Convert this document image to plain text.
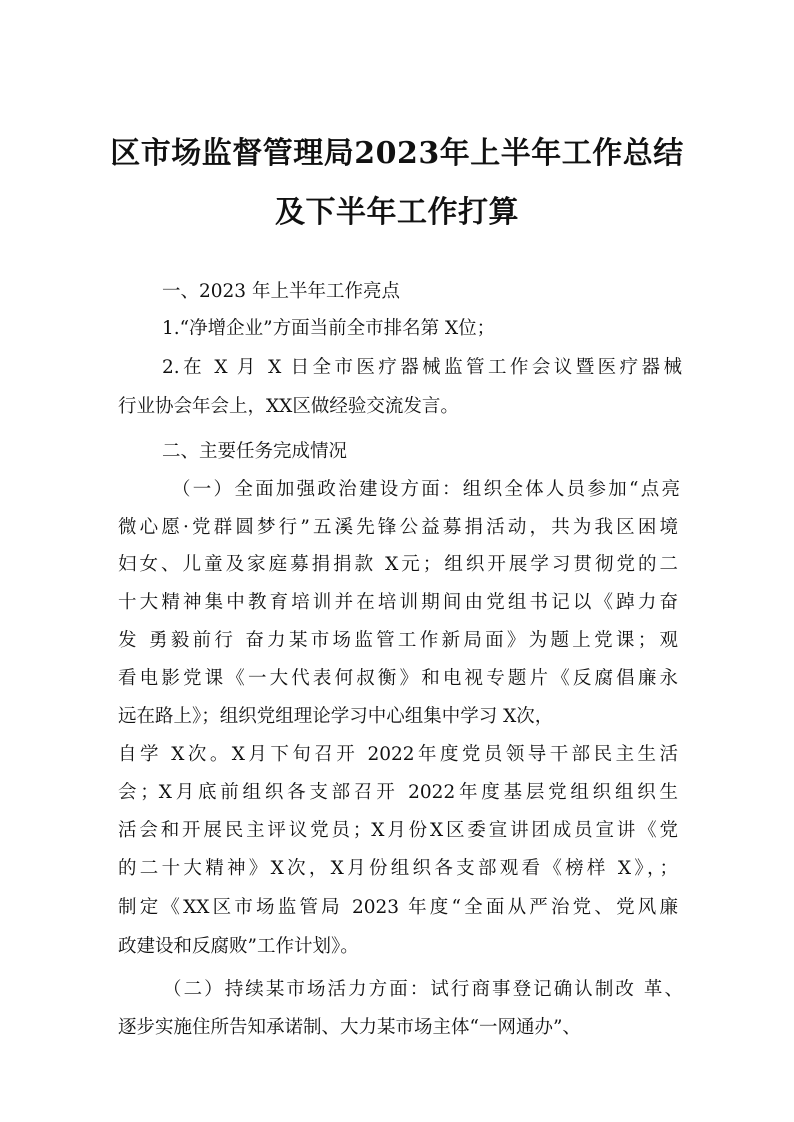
区市场监督管理局2023年上半年工作总结
及下半年工作打算
一、2023 年上半年工作亮点
1.“净增企业”方面当前全市排名第 X位；
2.在 X 月 X 日全市医疗器械监管工作会议暨医疗器械
行业协会年会上，XX区做经验交流发言。
二、主要任务完成情况
（一）全面加强政治建设方面：组织全体人员参加“点亮
微心愿·党群圆梦行”五溪先锋公益募捐活动，共为我区困境
妇女、儿童及家庭募捐捐款 X元；组织开展学习贯彻党的二
十大精神集中教育培训并在培训期间由党组书记以《踔力奋
发 勇毅前行 奋力某市场监管工作新局面》为题上党课；观
看电影党课《一大代表何叔衡》和电视专题片《反腐倡廉永
远在路上》；组织党组理论学习中心组集中学习 X次，
自学 X次。X月下旬召开 2022年度党员领导干部民主生活
会；X月底前组织各支部召开 2022年度基层党组织组织生
活会和开展民主评议党员；X月份X区委宣讲团成员宣讲《党
的二十大精神》X次，X月份组织各支部观看《榜样 X》，；
制定《XX区市场监管局 2023 年度“全面从严治党、党风廉
政建设和反腐败”工作计划》。
（二）持续某市场活力方面：试行商事登记确认制改 革、
逐步实施住所告知承诺制、大力某市场主体“一网通办”、
